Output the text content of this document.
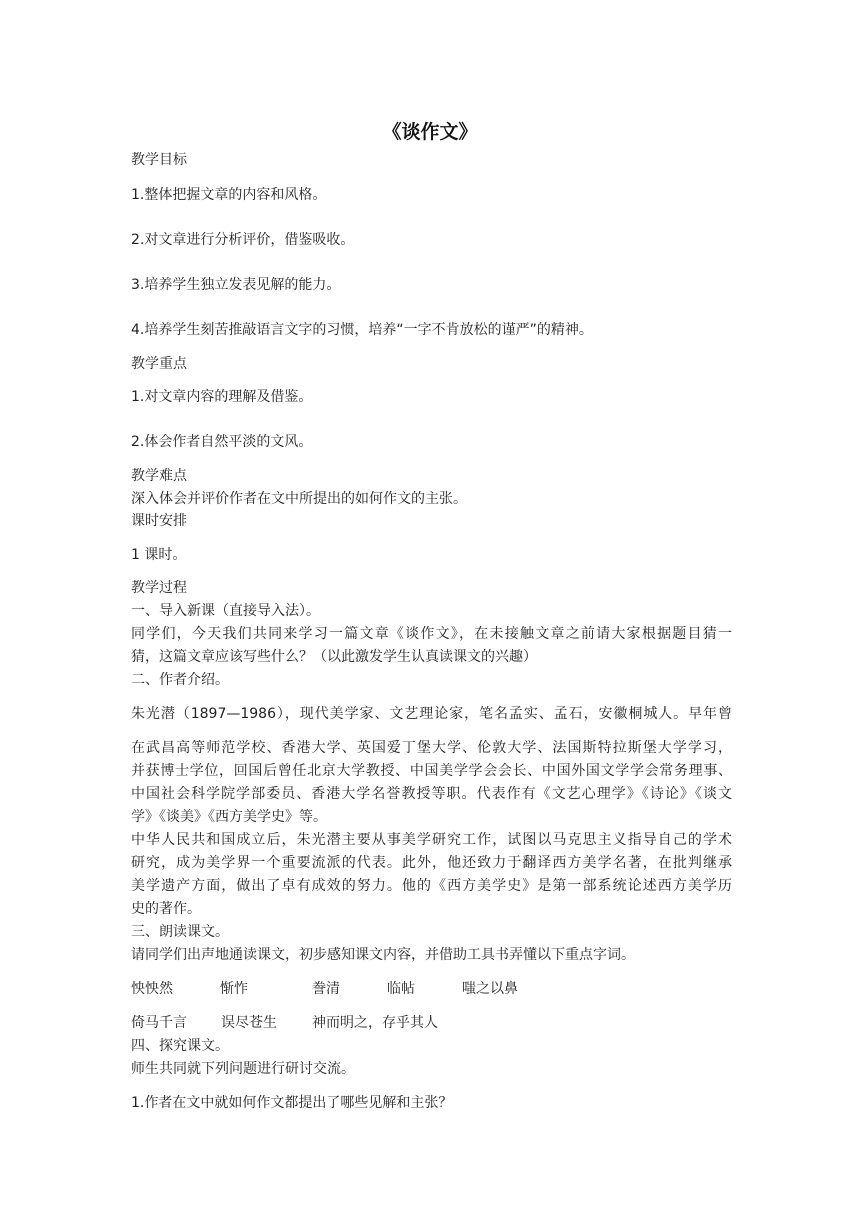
《谈作文》
教学目标
1.整体把握文章的内容和风格。
2.对文章进行分析评价，借鉴吸收。
3.培养学生独立发表见解的能力。
4.培养学生刻苦推敲语言文字的习惯，培养“一字不肯放松的谨严”的精神。
教学重点
1.对文章内容的理解及借鉴。
2.体会作者自然平淡的文风。
教学难点
深入体会并评价作者在文中所提出的如何作文的主张。
课时安排
1 课时。
教学过程
一、导入新课（直接导入法）。
同学们，今天我们共同来学习一篇文章《谈作文》，在未接触文章之前请大家根据题目猜一
猜，这篇文章应该写些什么？（以此激发学生认真读课文的兴趣）
二、作者介绍。
朱光潜（1897—1986），现代美学家、文艺理论家，笔名孟实、孟石，安徽桐城人。早年曾
在武昌高等师范学校、香港大学、英国爱丁堡大学、伦敦大学、法国斯特拉斯堡大学学习，
并获博士学位，回国后曾任北京大学教授、中国美学学会会长、中国外国文学学会常务理事、
中国社会科学院学部委员、香港大学名誉教授等职。代表作有《文艺心理学》《诗论》《谈文
学》《谈美》《西方美学史》等。
中华人民共和国成立后，朱光潜主要从事美学研究工作，试图以马克思主义指导自己的学术
研究，成为美学界一个重要流派的代表。此外，他还致力于翻译西方美学名著，在批判继承
美学遗产方面，做出了卓有成效的努力。他的《西方美学史》是第一部系统论述西方美学历
史的著作。
三、朗读课文。
请同学们出声地通读课文，初步感知课文内容，并借助工具书弄懂以下重点字词。
怏怏然	惭怍	誊清	临帖	嗤之以鼻
倚马千言 误尽苍生	神而明之，存乎其人
四、探究课文。
师生共同就下列问题进行研讨交流。
1.作者在文中就如何作文都提出了哪些见解和主张？
